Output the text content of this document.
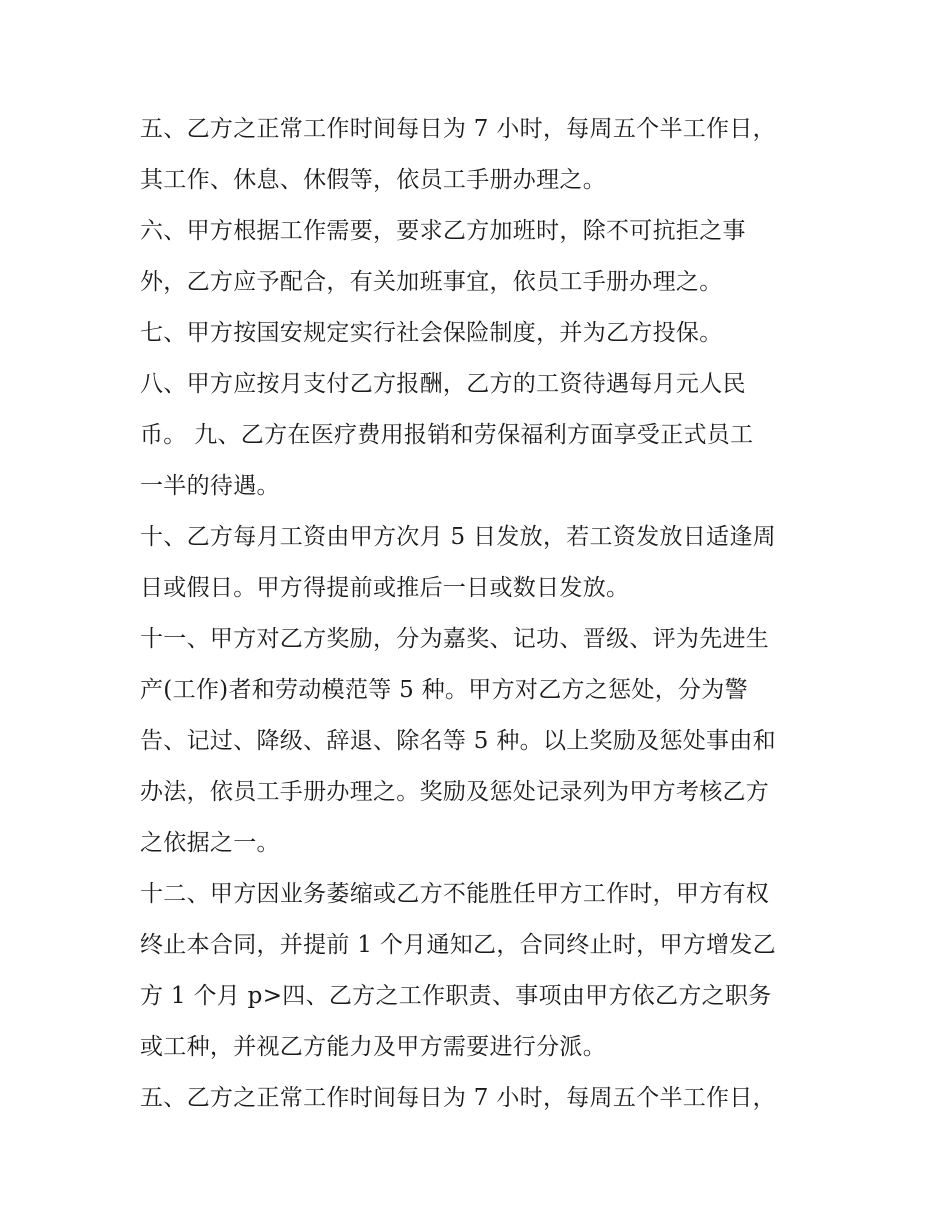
五、乙方之正常工作时间每日为 7 小时，每周五个半工作日，
其工作、休息、休假等，依员工手册办理之。
六、甲方根据工作需要，要求乙方加班时，除不可抗拒之事
外，乙方应予配合，有关加班事宜，依员工手册办理之。
七、甲方按国安规定实行社会保险制度，并为乙方投保。
八、甲方应按月支付乙方报酬，乙方的工资待遇每月元人民
币。 九、乙方在医疗费用报销和劳保福利方面享受正式员工
一半的待遇。
十、乙方每月工资由甲方次月 5 日发放，若工资发放日适逢周
日或假日。甲方得提前或推后一日或数日发放。
十一、甲方对乙方奖励，分为嘉奖、记功、晋级、评为先进生
产(工作)者和劳动模范等 5 种。甲方对乙方之惩处，分为警
告、记过、降级、辞退、除名等 5 种。以上奖励及惩处事由和
办法，依员工手册办理之。奖励及惩处记录列为甲方考核乙方
之依据之一。
十二、甲方因业务萎缩或乙方不能胜任甲方工作时，甲方有权
终止本合同，并提前 1 个月通知乙，合同终止时，甲方增发乙
方 1 个月 p>四、乙方之工作职责、事项由甲方依乙方之职务
或工种，并视乙方能力及甲方需要进行分派。
五、乙方之正常工作时间每日为 7 小时，每周五个半工作日，
